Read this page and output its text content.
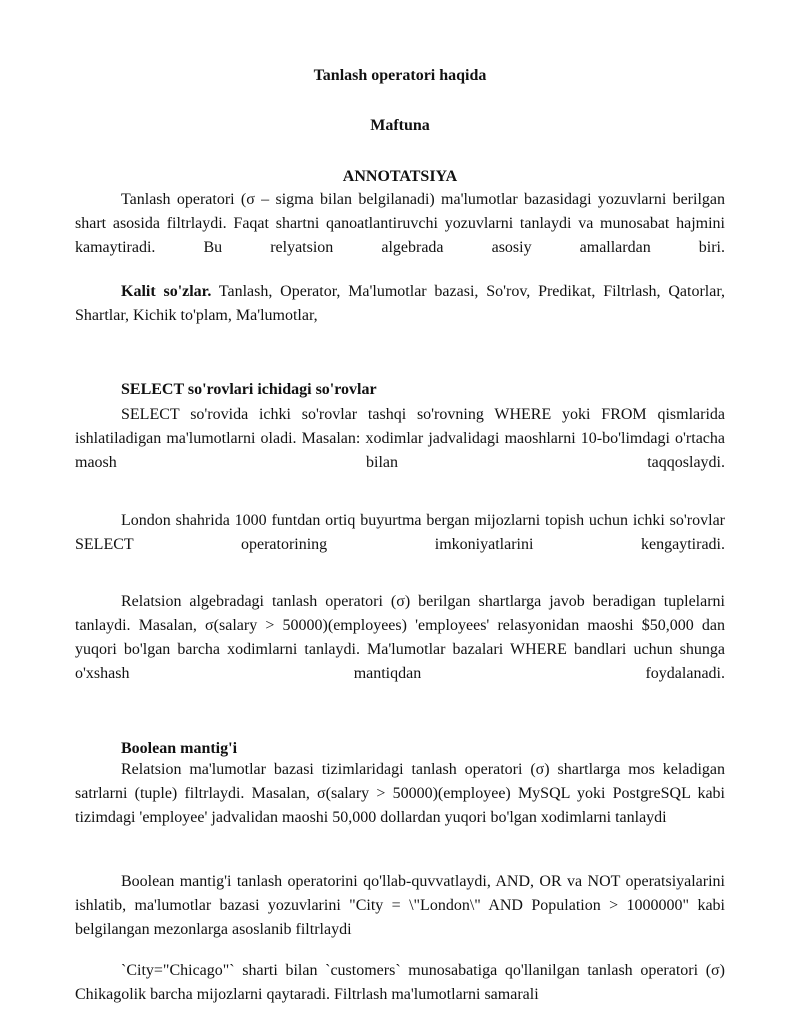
Tanlash operatori haqida
Maftuna
ANNOTATSIYA

Tanlash operatori (σ – sigma bilan belgilanadi) ma'lumotlar bazasidagi yozuvlarni berilgan shart asosida filtrlaydi. Faqat shartni qanoatlantiruvchi yozuvlarni tanlaydi va munosabat hajmini kamaytiradi. Bu relyatsion algebrada asosiy amallardan biri.

Kalit so'zlar. Tanlash, Operator, Ma'lumotlar bazasi, So'rov, Predikat, Filtrlash, Qatorlar, Shartlar, Kichik to'plam, Ma'lumotlar,

SELECT so'rovlari ichidagi so'rovlar

SELECT so'rovida ichki so'rovlar tashqi so'rovning WHERE yoki FROM qismlarida ishlatiladigan ma'lumotlarni oladi. Masalan: xodimlar jadvalidagi maoshlarni 10-bo'limdagi o'rtacha maosh bilan taqqoslaydi.

London shahrida 1000 funtdan ortiq buyurtma bergan mijozlarni topish uchun ichki so'rovlar SELECT operatorining imkoniyatlarini kengaytiradi.

Relatsion algebradagi tanlash operatori (σ) berilgan shartlarga javob beradigan tuplelarni tanlaydi. Masalan, σ(salary > 50000)(employees) 'employees' relasyonidan maoshi $50,000 dan yuqori bo'lgan barcha xodimlarni tanlaydi. Ma'lumotlar bazalari WHERE bandlari uchun shunga o'xshash mantiqdan foydalanadi.

Boolean mantig'i

Relatsion ma'lumotlar bazasi tizimlaridagi tanlash operatori (σ) shartlarga mos keladigan satrlarni (tuple) filtrlaydi. Masalan, σ(salary > 50000)(employee) MySQL yoki PostgreSQL kabi tizimdagi 'employee' jadvalidan maoshi 50,000 dollardan yuqori bo'lgan xodimlarni tanlaydi

Boolean mantig'i tanlash operatorini qo'llab-quvvatlaydi, AND, OR va NOT operatsiyalarini ishlatib, ma'lumotlar bazasi yozuvlarini "City = \"London\" AND Population > 1000000" kabi belgilangan mezonlarga asoslanib filtrlaydi

`City="Chicago"` sharti bilan `customers` munosabatiga qo'llanilgan tanlash operatori (σ) Chikagolik barcha mijozlarni qaytaradi. Filtrlash ma'lumotlarni samarali
